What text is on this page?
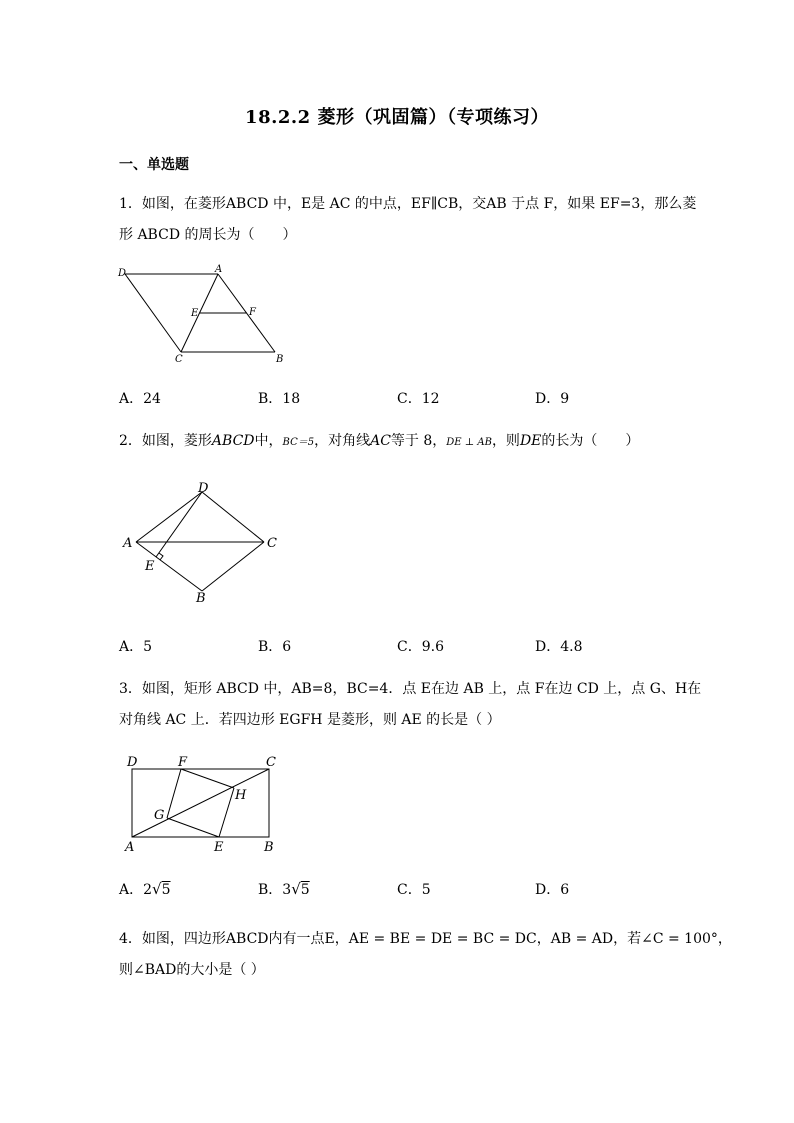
18.2.2 菱形（巩固篇）（专项练习）
一、单选题
1．如图，在菱形ABCD 中，E是 AC 的中点，EF∥CB，交AB 于点 F，如果 EF=3，那么菱
形 ABCD 的周长为（　　）
D	A
E	F
C	B
A．24	B．18	C．12	D．9
2．如图，菱形ABCD中，BC＝5，对角线AC等于 8，DE ⊥ AB，则DE的长为（　　）
D
A	C
E
B
A．5	B．6	C．9.6	D．4.8
3．如图，矩形 ABCD 中，AB=8，BC=4．点 E在边 AB 上，点 F在边 CD 上，点 G、H在
对角线 AC 上．若四边形 EGFH 是菱形，则 AE 的长是（ ）
D	F	C
H
G
A	E	B
A．2√5	B．3√5	C．5	D．6
4．如图，四边形ABCD内有一点E，AE = BE = DE = BC = DC，AB = AD，若∠C = 100°，
则∠BAD的大小是（ ）
